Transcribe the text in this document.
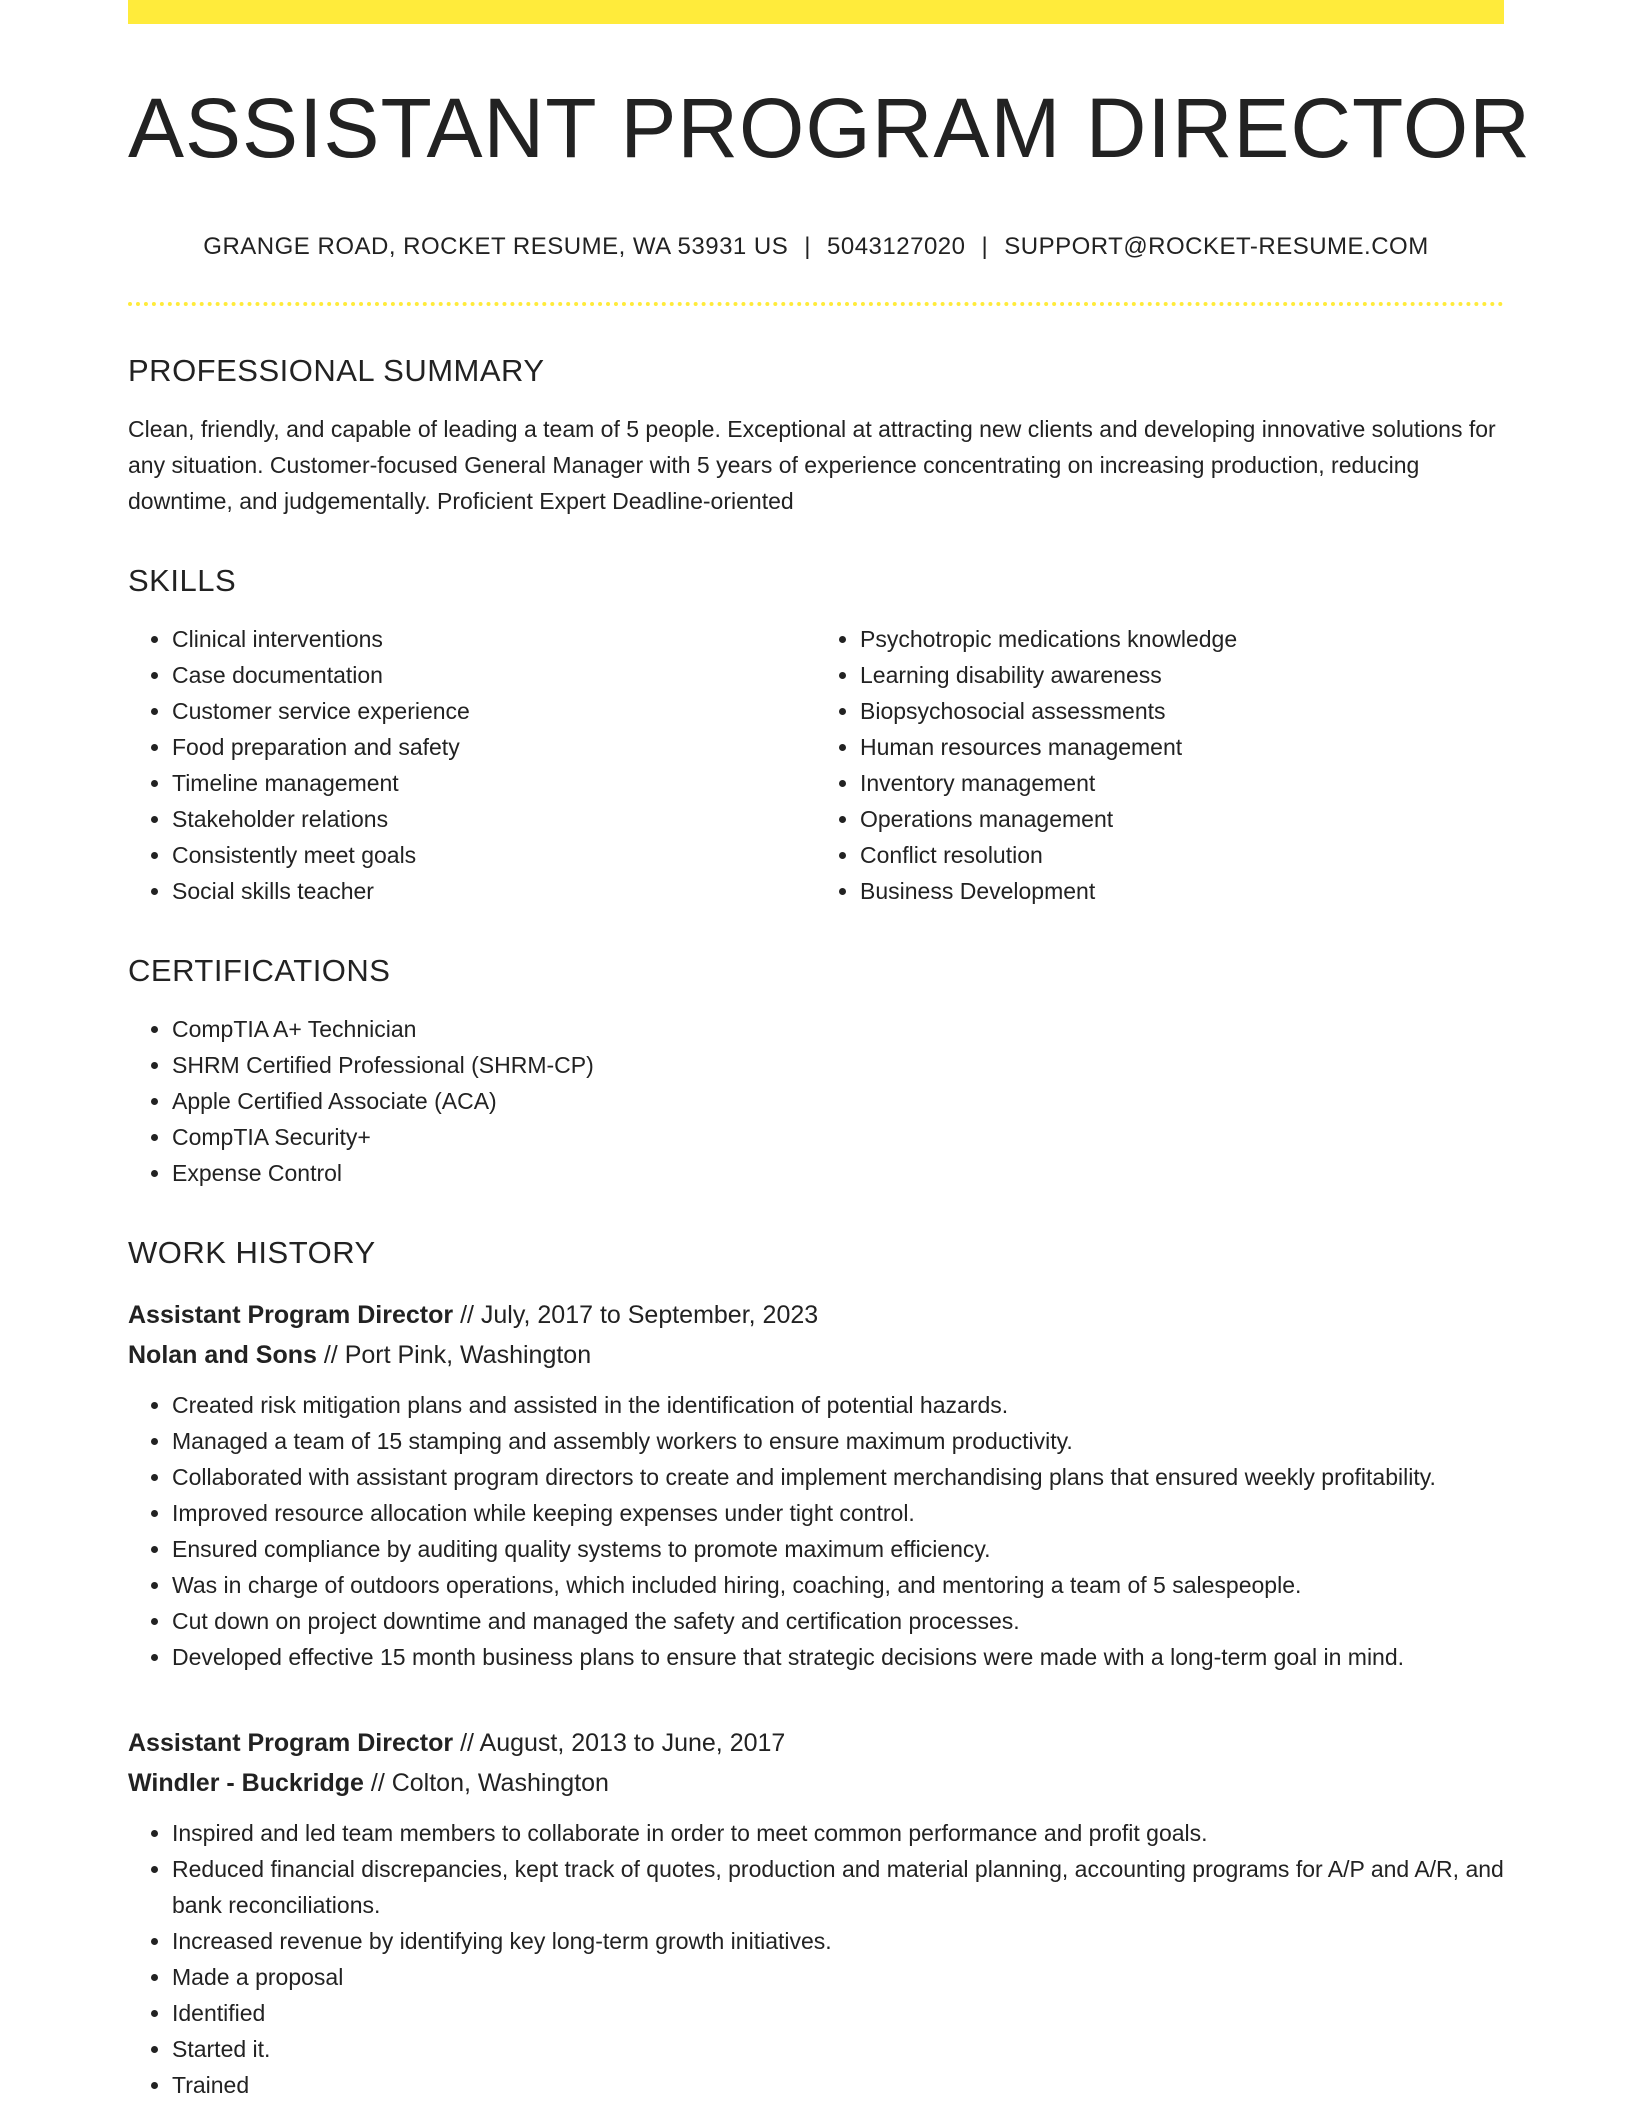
ASSISTANT PROGRAM DIRECTOR
GRANGE ROAD, ROCKET RESUME, WA 53931 US | 5043127020 | SUPPORT@ROCKET-RESUME.COM
PROFESSIONAL SUMMARY

Clean, friendly, and capable of leading a team of 5 people. Exceptional at attracting new clients and developing innovative solutions for any situation. Customer-focused General Manager with 5 years of experience concentrating on increasing production, reducing downtime, and judgementally. Proficient Expert Deadline-oriented

SKILLS
• Clinical interventions
• Case documentation
• Customer service experience
• Food preparation and safety
• Timeline management
• Stakeholder relations
• Consistently meet goals
• Social skills teacher
• Psychotropic medications knowledge
• Learning disability awareness
• Biopsychosocial assessments
• Human resources management
• Inventory management
• Operations management
• Conflict resolution
• Business Development
CERTIFICATIONS
• CompTIA A+ Technician
• SHRM Certified Professional (SHRM-CP)
• Apple Certified Associate (ACA)
• CompTIA Security+
• Expense Control
WORK HISTORY
Assistant Program Director // July, 2017 to September, 2023
Nolan and Sons // Port Pink, Washington
• Created risk mitigation plans and assisted in the identification of potential hazards.
• Managed a team of 15 stamping and assembly workers to ensure maximum productivity.
• Collaborated with assistant program directors to create and implement merchandising plans that ensured weekly profitability.
• Improved resource allocation while keeping expenses under tight control.
• Ensured compliance by auditing quality systems to promote maximum efficiency.
• Was in charge of outdoors operations, which included hiring, coaching, and mentoring a team of 5 salespeople.
• Cut down on project downtime and managed the safety and certification processes.
• Developed effective 15 month business plans to ensure that strategic decisions were made with a long-term goal in mind.
Assistant Program Director // August, 2013 to June, 2017
Windler - Buckridge // Colton, Washington
• Inspired and led team members to collaborate in order to meet common performance and profit goals.
• Reduced financial discrepancies, kept track of quotes, production and material planning, accounting programs for A/P and A/R, and bank reconciliations.
• Increased revenue by identifying key long-term growth initiatives.
• Made a proposal
• Identified
• Started it.
• Trained
